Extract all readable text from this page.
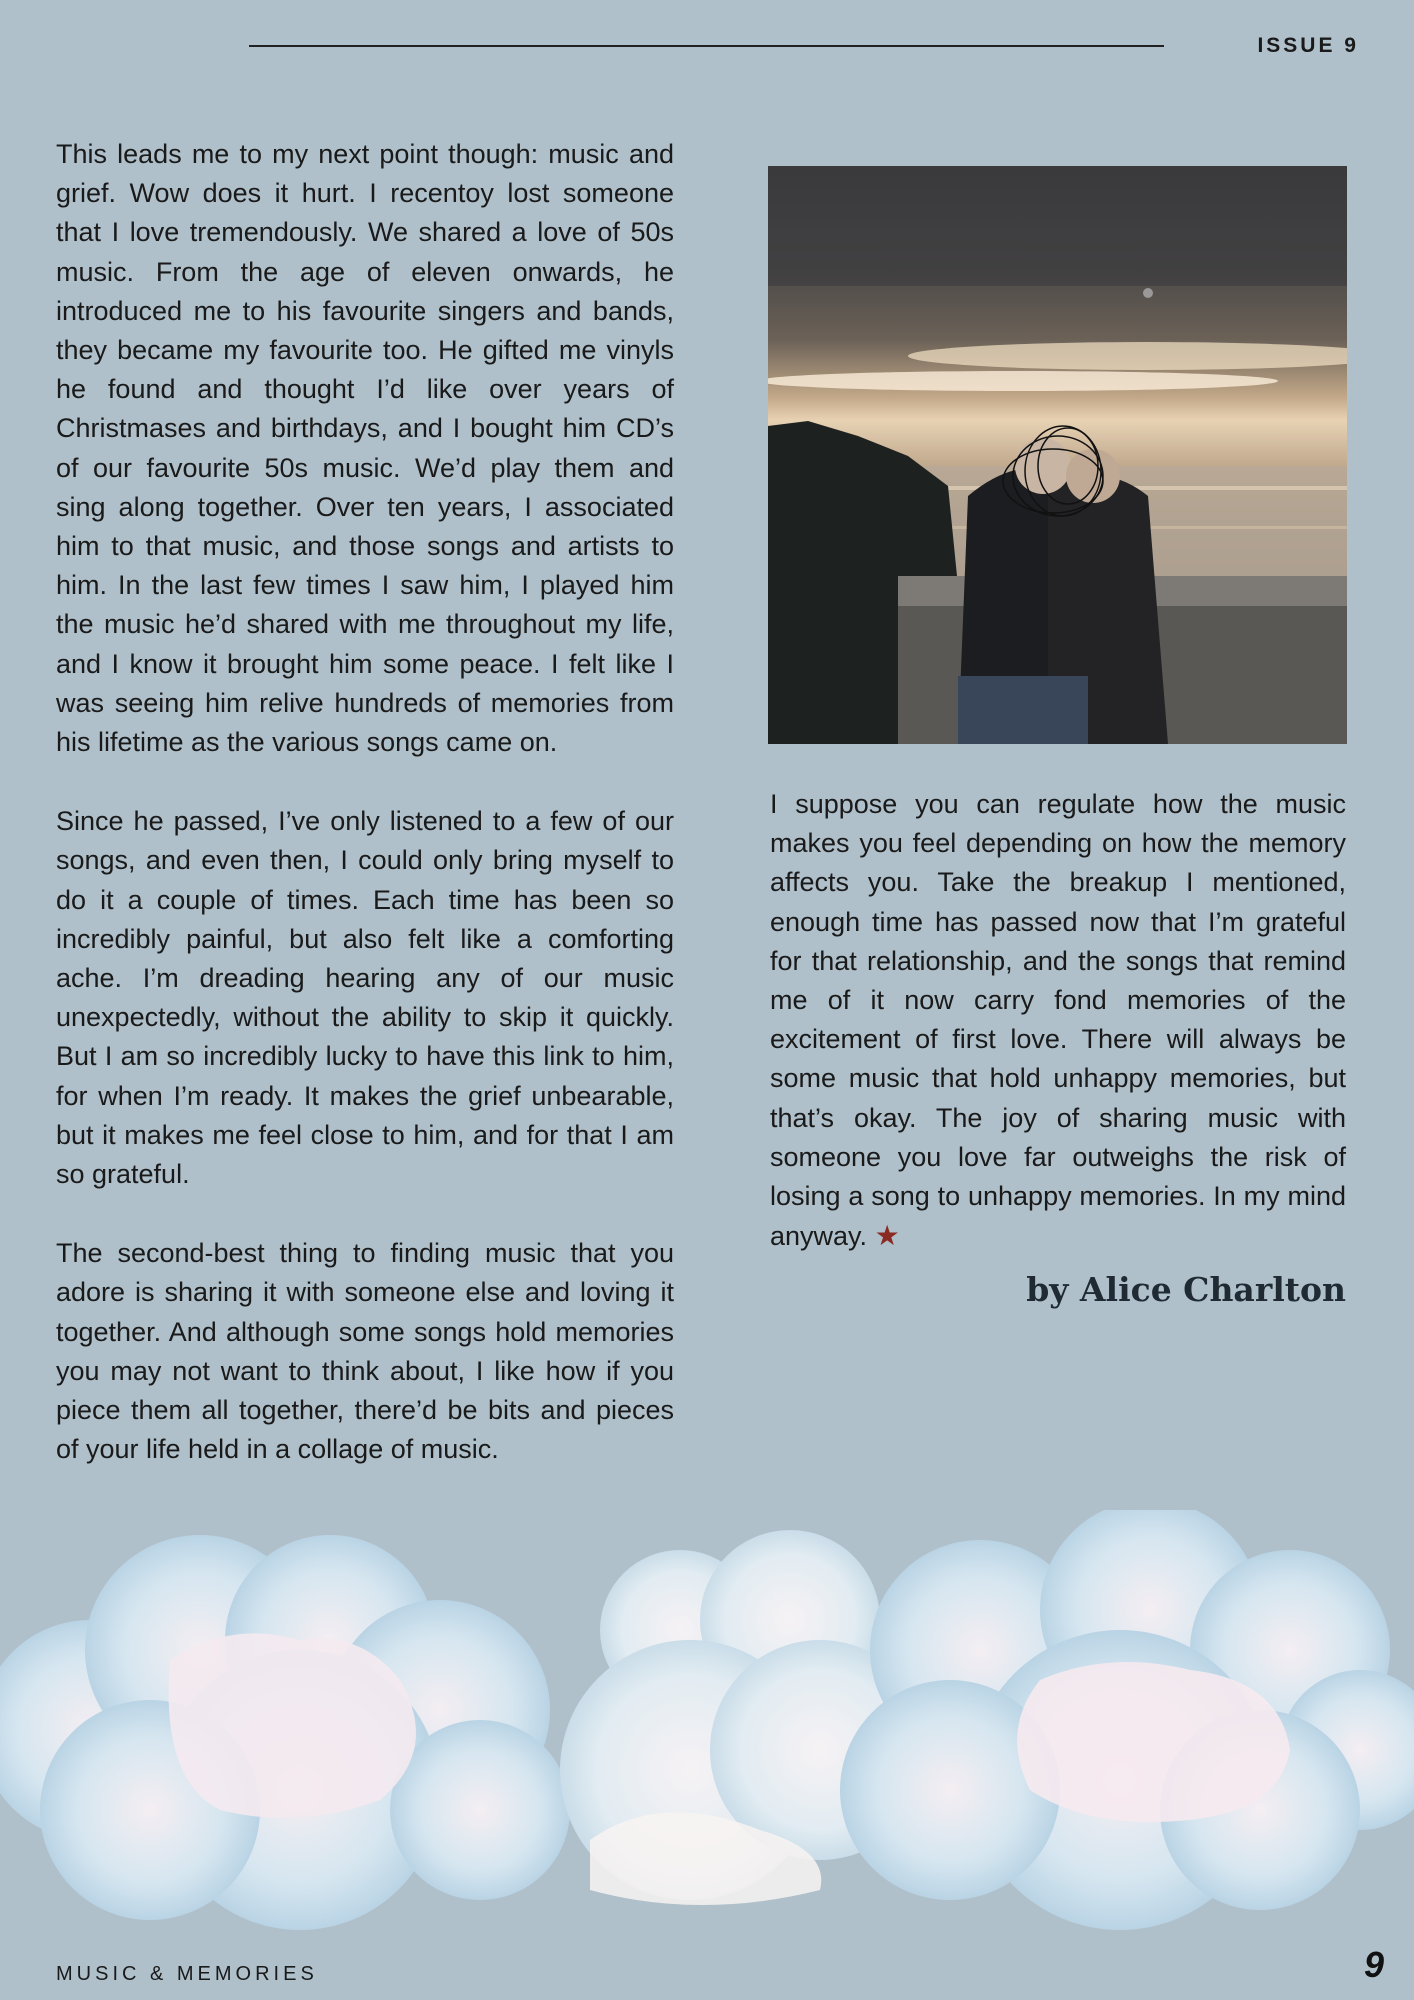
ISSUE 9

This leads me to my next point though: music and grief. Wow does it hurt. I recentoy lost someone that I love tremendously. We shared a love of 50s music. From the age of eleven onwards, he introduced me to his favourite singers and bands, they became my favourite too. He gifted me vinyls he found and thought I’d like over years of Christmases and birthdays, and I bought him CD’s of our favourite 50s music. We’d play them and sing along together. Over ten years, I associated him to that music, and those songs and artists to him. In the last few times I saw him, I played him the music he’d shared with me throughout my life, and I know it brought him some peace. I felt like I was seeing him relive hundreds of memories from his lifetime as the various songs came on.

Since he passed, I’ve only listened to a few of our songs, and even then, I could only bring myself to do it a couple of times. Each time has been so incredibly painful, but also felt like a comforting ache. I’m dreading hearing any of our music unexpectedly, without the ability to skip it quickly. But I am so incredibly lucky to have this link to him, for when I’m ready. It makes the grief unbearable, but it makes me feel close to him, and for that I am so grateful.

The second-best thing to finding music that you adore is sharing it with someone else and loving it together. And although some songs hold memories you may not want to think about, I like how if you piece them all together, there’d be bits and pieces of your life held in a collage of music.

I suppose you can regulate how the music makes you feel depending on how the memory affects you. Take the breakup I mentioned, enough time has passed now that I’m grateful for that relationship, and the songs that remind me of it now carry fond memories of the excitement of first love. There will always be some music that hold unhappy memories, but that’s okay. The joy of sharing music with someone you love far outweighs the risk of losing a song to unhappy memories. In my mind anyway. ★

by Alice Charlton
MUSIC & MEMORIES	9
